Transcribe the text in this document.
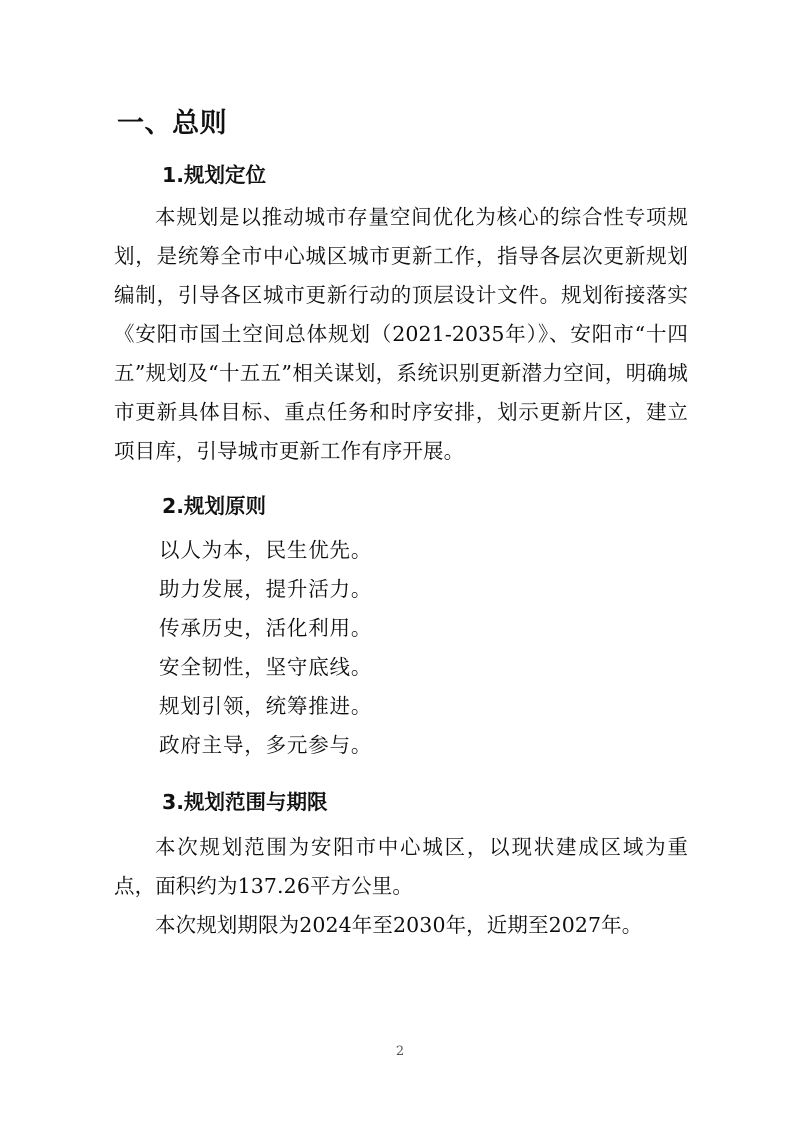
一、总则
1.规划定位

本规划是以推动城市存量空间优化为核心的综合性专项规划，是统筹全市中心城区城市更新工作，指导各层次更新规划编制，引导各区城市更新行动的顶层设计文件。规划衔接落实《安阳市国土空间总体规划（2021-2035年）》、安阳市“十四五”规划及“十五五”相关谋划，系统识别更新潜力空间，明确城市更新具体目标、重点任务和时序安排，划示更新片区，建立项目库，引导城市更新工作有序开展。

2.规划原则
以人为本，民生优先。
助力发展，提升活力。
传承历史，活化利用。
安全韧性，坚守底线。
规划引领，统筹推进。
政府主导，多元参与。
3.规划范围与期限

本次规划范围为安阳市中心城区，以现状建成区域为重点，面积约为137.26平方公里。

本次规划期限为2024年至2030年，近期至2027年。

2
